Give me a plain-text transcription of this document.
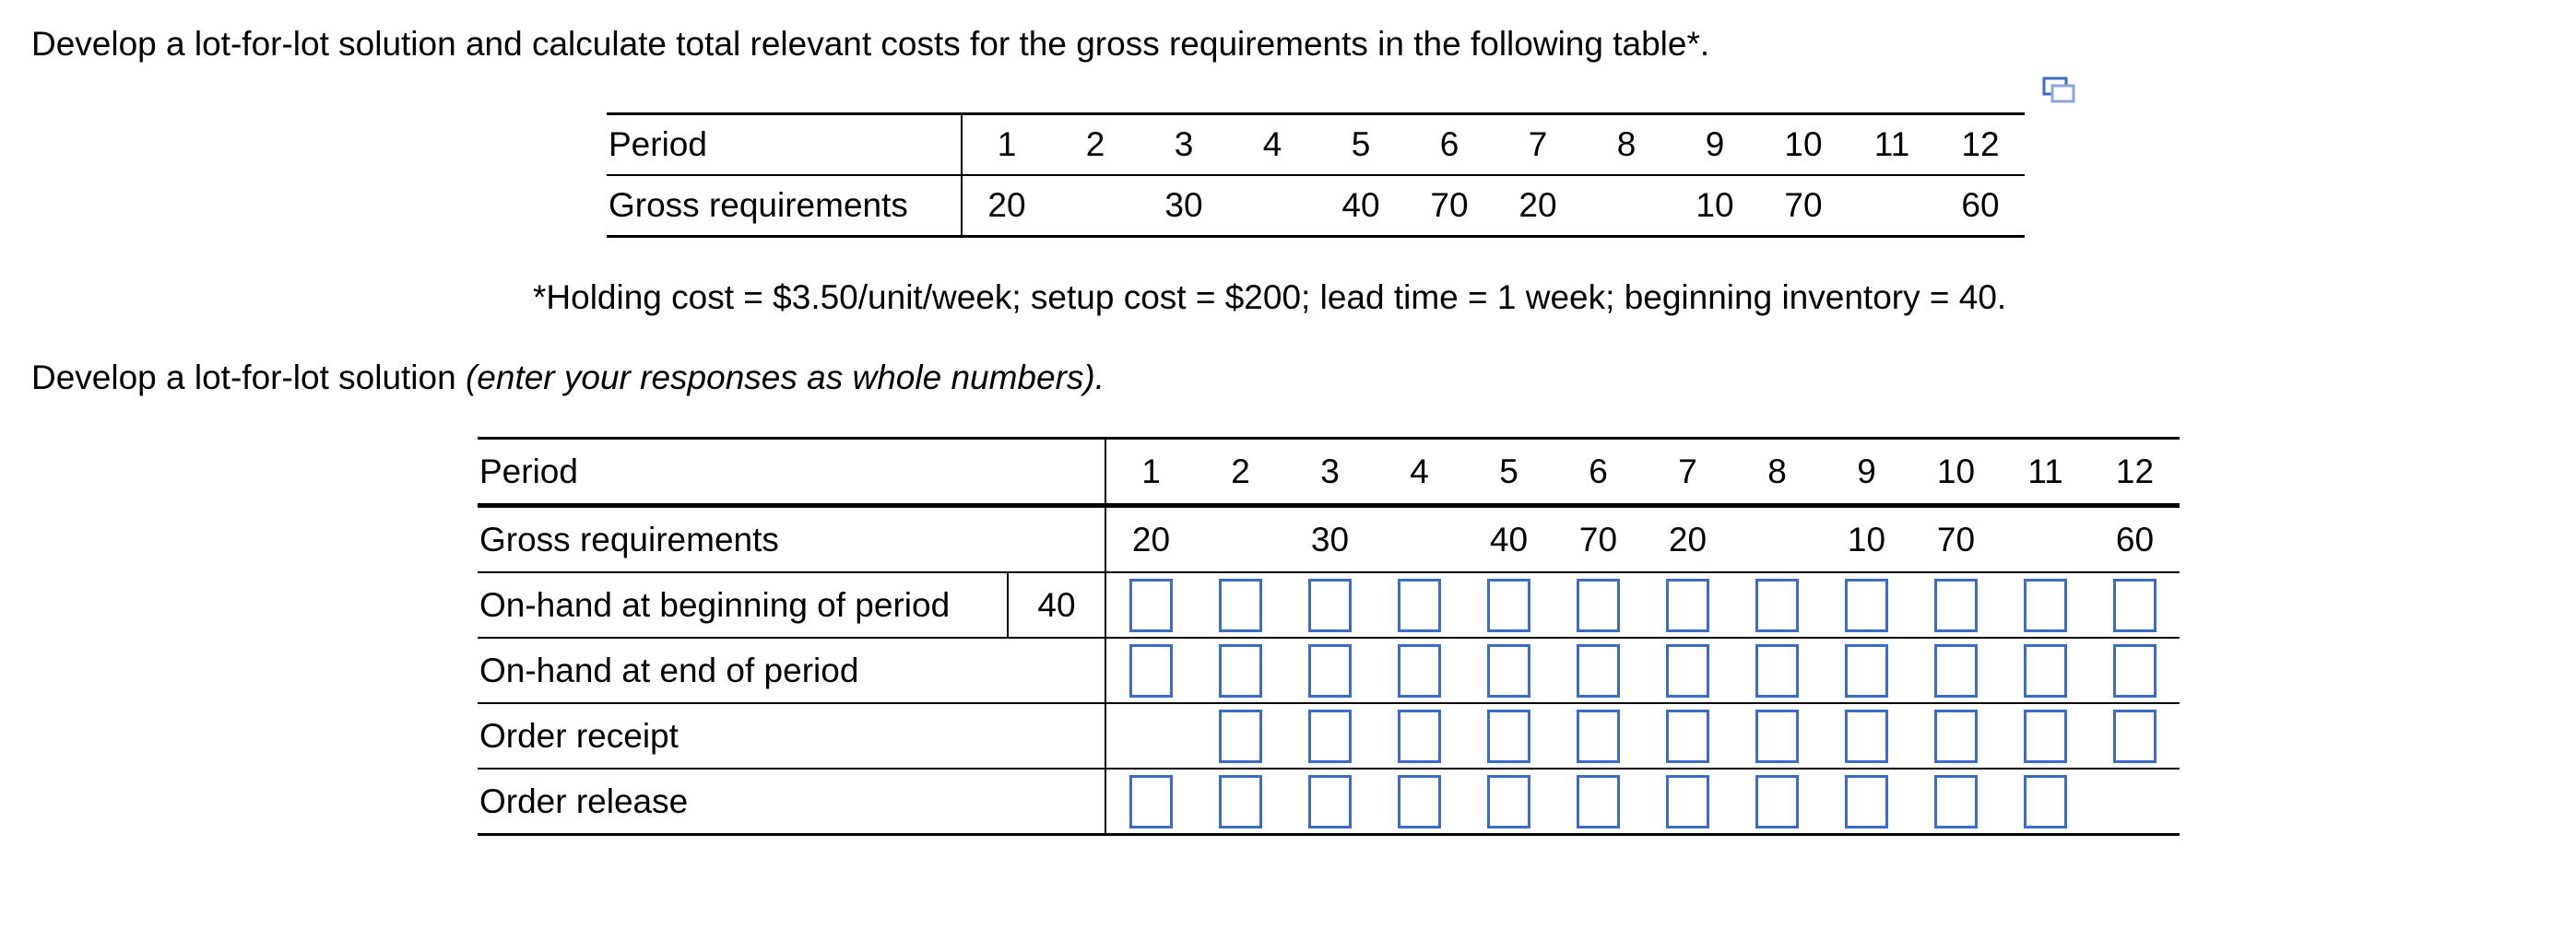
Develop a lot-for-lot solution and calculate total relevant costs for the gross requirements in the following table*.
Period	1	2	3	4	5	6	7	8	9	10	11	12
Gross requirements	20		30		40	70	20		10	70		60
*Holding cost = $3.50/unit/week; setup cost = $200; lead time = 1 week; beginning inventory = 40.
Develop a lot-for-lot solution (enter your responses as whole numbers).
Period		1	2	3	4	5	6	7	8	9	10	11	12
Gross requirements		20		30		40	70	20		10	70		60
On-hand at beginning of period	40												
On-hand at end of period													
Order receipt													
Order release													
